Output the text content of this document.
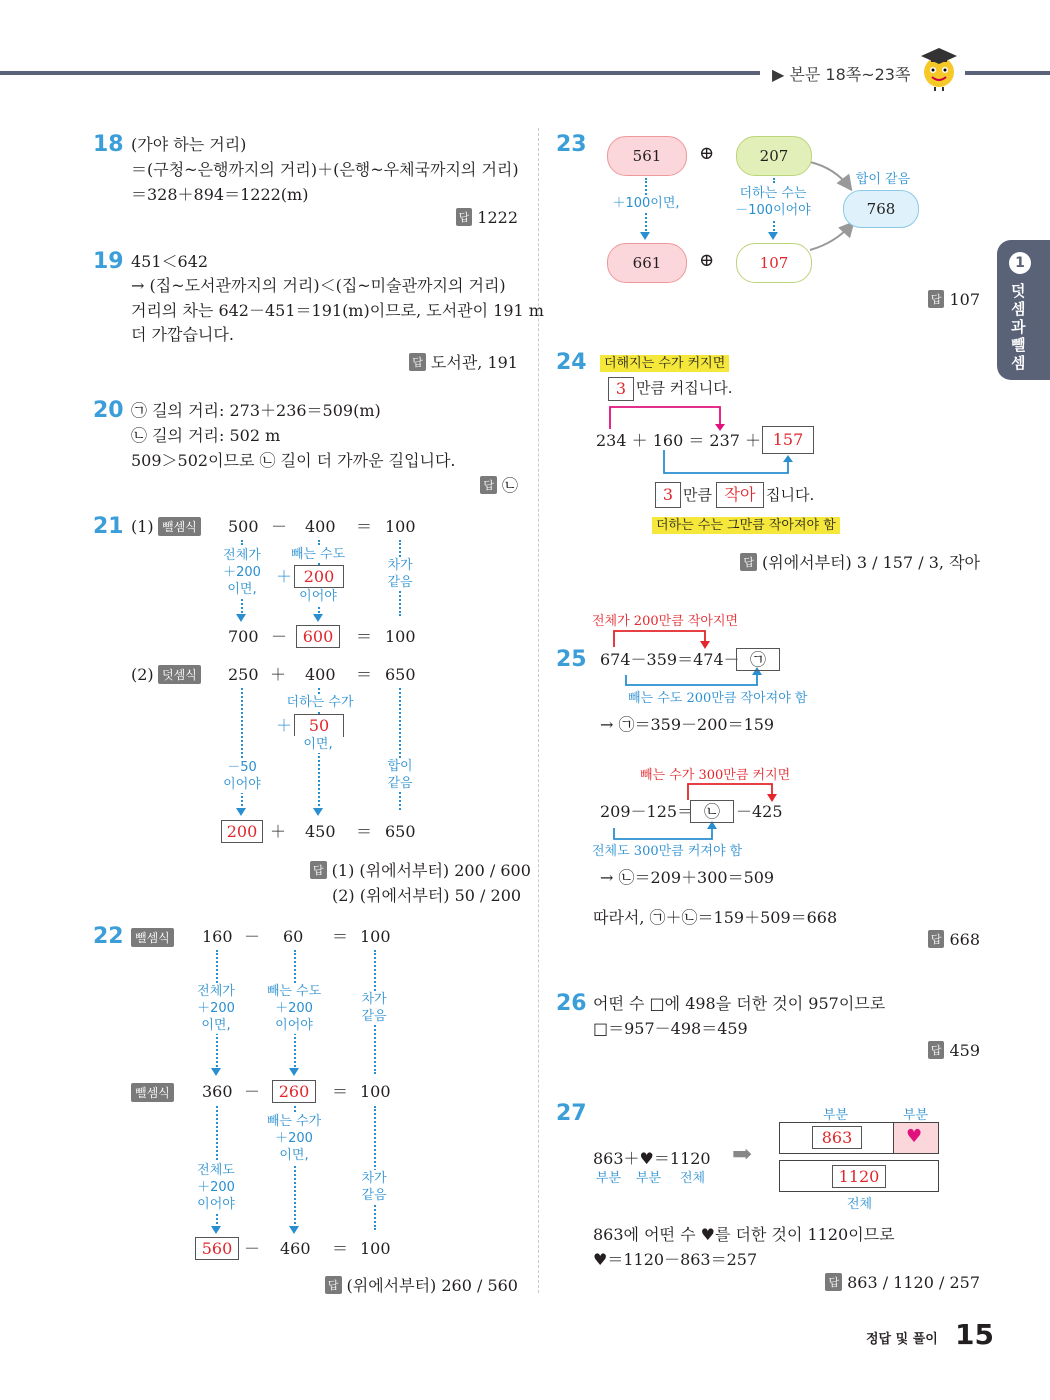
▶ 본문 18쪽~23쪽
1
덧셈과 뺄셈
18 (가야 하는 거리)
＝(구청~은행까지의 거리)＋(은행~우체국까지의 거리)
＝328＋894＝1222(m)
답 1222
19 451＜642
→ (집~도서관까지의 거리)＜(집~미술관까지의 거리)
거리의 차는 642－451＝191(m)이므로, 도서관이 191 m
더 가깝습니다.
답 도서관, 191
20 ㉠ 길의 거리: 273＋236＝509(m)
㉡ 길의 거리: 502 m
509＞502이므로 ㉡ 길이 더 가까운 길입니다.
답 ㉡
21 (1) 뺄셈식 500 － 400 ＝ 100
전체가
＋200
이면,
빼는 수도
＋ 200
이어야
차가
같음
700 － 600	＝ 100
(2) 덧셈식 250 ＋ 400 ＝ 650
－50
이어야
더하는 수가
＋	50
이면,
합이
같음
200 ＋ 450 ＝ 650
답 (1) (위에서부터) 200 / 600
(2) (위에서부터) 50 / 200
22 뺄셈식 160 － 60 ＝ 100
전체가
＋200
이면,
빼는 수도
＋200
이어야
차가
같음
뺄셈식 360 －	260	＝ 100
전체도
＋200
이어야
빼는 수가
＋200
이면,
차가
같음
560 － 460 ＝ 100
답 (위에서부터) 260 / 560
23	561	⊕	207
661	⊕	107
768
＋100이면,
더하는 수는
－100이어야
합이 같음
답 107
24	더해지는 수가 커지면
3 만큼 커집니다.
234 ＋ 160 ＝ 237 ＋ 157
3 만큼 작아 집니다.
더하는 수는 그만큼 작아져야 함
답 (위에서부터) 3 / 157 / 3, 작아
25
전체가 200만큼 작아지면
674－359＝474－ ㉠
빼는 수도 200만큼 작아져야 함
→ ㉠＝359－200＝159
빼는 수가 300만큼 커지면
209－125＝ ㉡	－425
전체도 300만큼 커져야 함
→ ㉡＝209＋300＝509
따라서, ㉠＋㉡＝159＋509＝668
답 668
26 어떤 수 □에 498을 더한 것이 957이므로
□＝957－498＝459
답 459
27
863＋♥＝1120
부분 부분 전체
➡
부분	부분
863	♥
1120
전체
863에 어떤 수 ♥를 더한 것이 1120이므로
♥＝1120－863＝257
답 863 / 1120 / 257
정답 및 풀이 15
